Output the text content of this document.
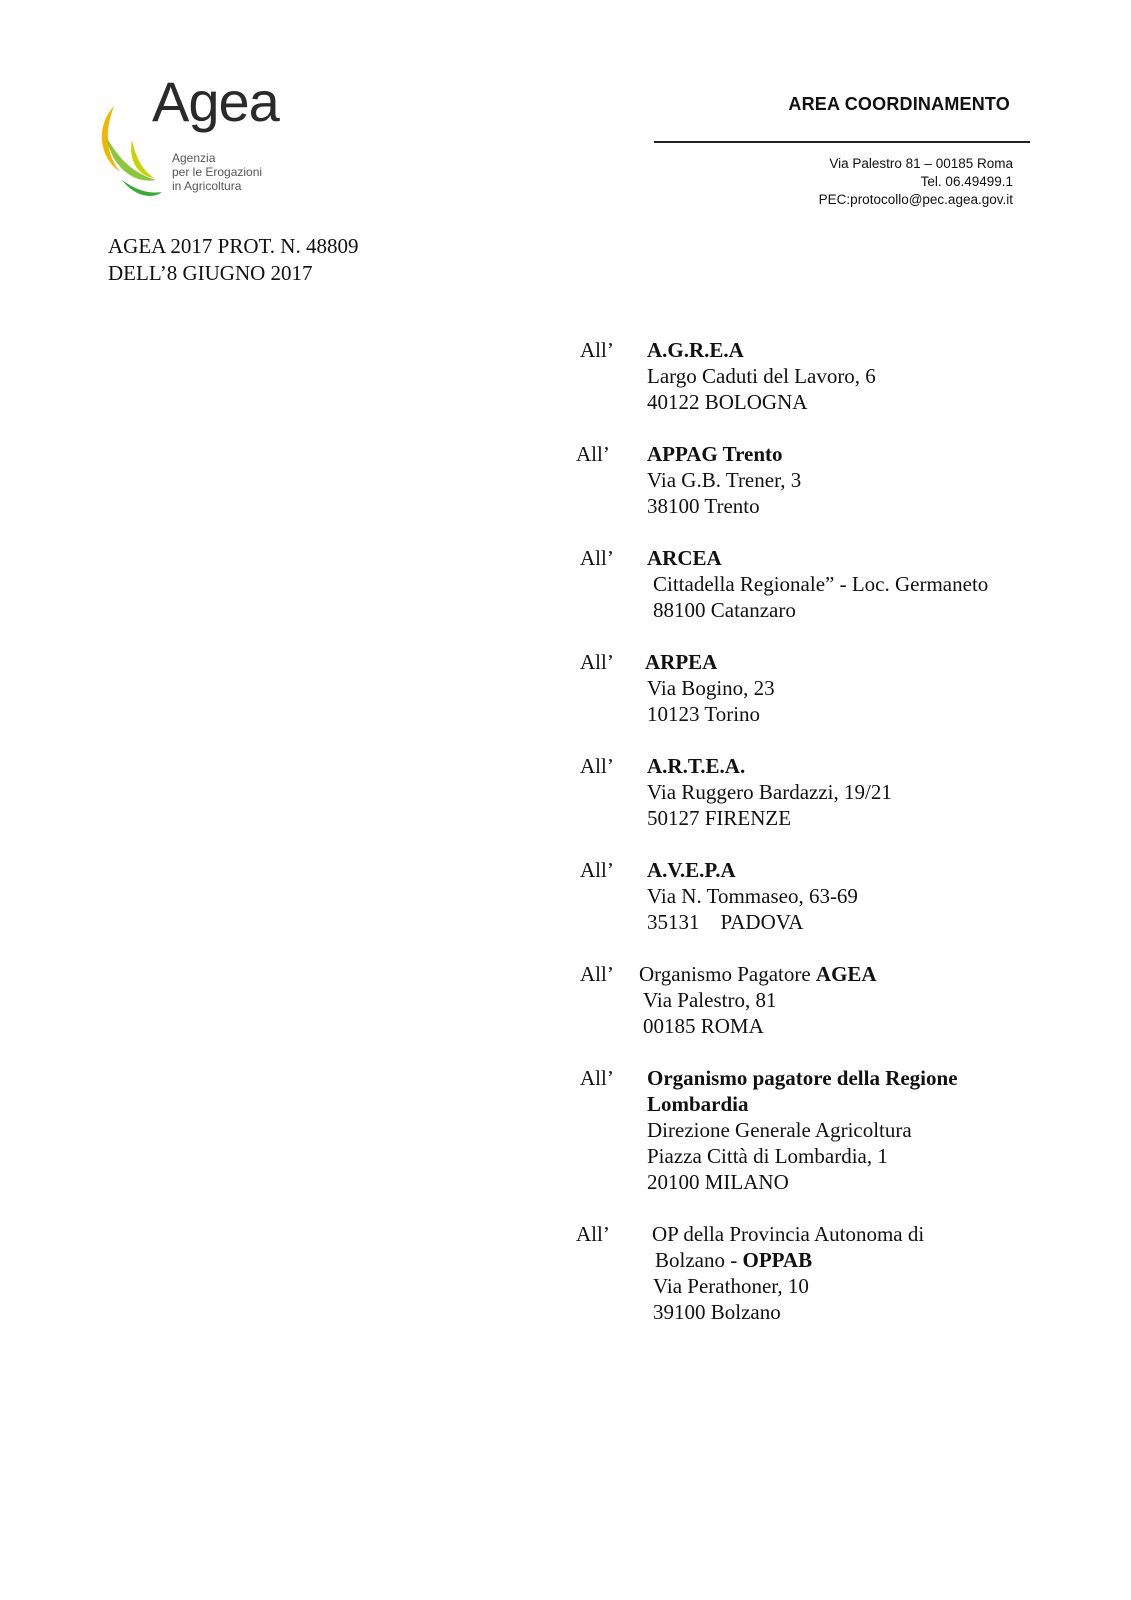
Agea
Agenzia
per le Erogazioni
in Agricoltura
AREA COORDINAMENTO
Via Palestro 81 – 00185 Roma
Tel. 06.49499.1
PEC:protocollo@pec.agea.gov.it
AGEA 2017 PROT. N. 48809
DELL’8 GIUGNO 2017
All’ A.G.R.E.A
Largo Caduti del Lavoro, 6
40122 BOLOGNA
All’ APPAG Trento
Via G.B. Trener, 3
38100 Trento
All’ ARCEA
Cittadella Regionale” - Loc. Germaneto
88100 Catanzaro
All’ ARPEA
Via Bogino, 23
10123 Torino
All’ A.R.T.E.A.
Via Ruggero Bardazzi, 19/21
50127 FIRENZE
All’ A.V.E.P.A
Via N. Tommaseo, 63-69
35131    PADOVA
All’ Organismo Pagatore AGEA
Via Palestro, 81
00185 ROMA
All’ Organismo pagatore della Regione
Lombardia
Direzione Generale Agricoltura
Piazza Città di Lombardia, 1
20100 MILANO
All’ OP della Provincia Autonoma di
Bolzano - OPPAB
Via Perathoner, 10
39100 Bolzano
